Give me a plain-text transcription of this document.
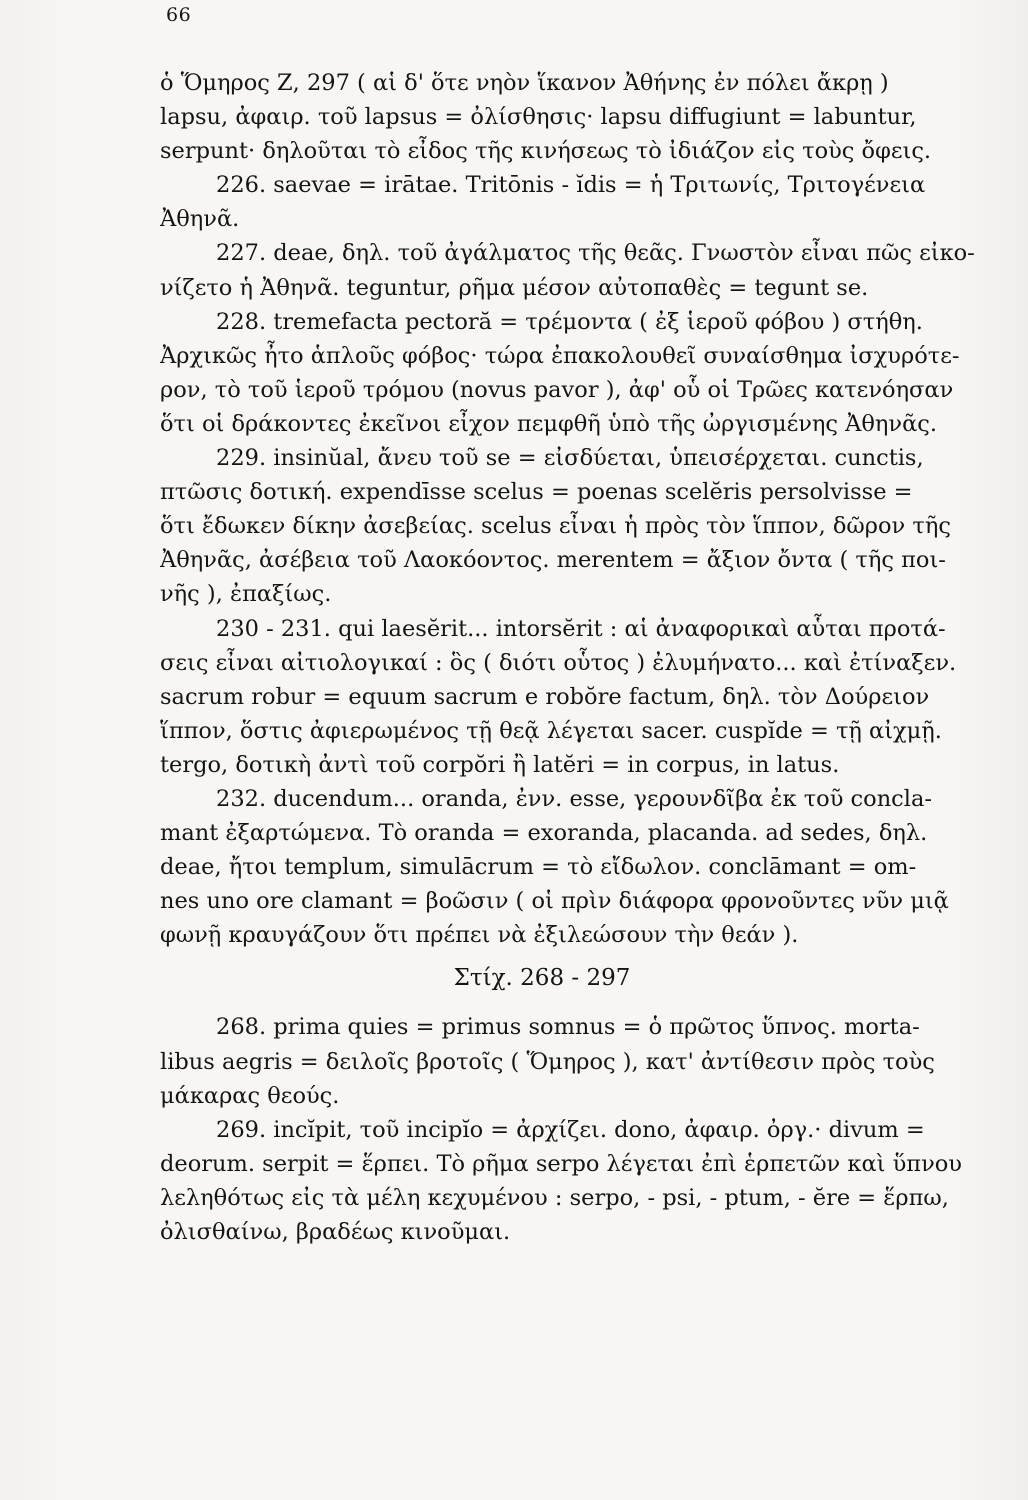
66
ὁ Ὅμηρος Ζ, 297 ( αἱ δ' ὅτε νηὸν ἵκανον Ἀθήνης ἐν πόλει ἄκρῃ )
lapsu, ἀφαιρ. τοῦ lapsus = ὀλίσθησις· lapsu diffugiunt = labuntur,
serpunt· δηλοῦται τὸ εἶδος τῆς κινήσεως τὸ ἰδιάζον εἰς τοὺς ὄφεις.
226. saevae = irātae. Tritōnis - ĭdis = ἡ Τριτωνίς, Τριτογένεια
Ἀθηνᾶ.
227. deae, δηλ. τοῦ ἀγάλματος τῆς θεᾶς. Γνωστὸν εἶναι πῶς εἰκο-
νίζετο ἡ Ἀθηνᾶ. teguntur, ρῆμα μέσον αὐτοπαθὲς = tegunt se.
228. tremefacta pectoră = τρέμοντα ( ἐξ ἱεροῦ φόβου ) στήθη.
Ἀρχικῶς ἦτο ἁπλοῦς φόβος· τώρα ἐπακολουθεῖ συναίσθημα ἰσχυρότε-
ρον, τὸ τοῦ ἱεροῦ τρόμου (novus pavor ), ἀφ' οὗ οἱ Τρῶες κατενόησαν
ὅτι οἱ δράκοντες ἐκεῖνοι εἶχον πεμφθῆ ὑπὸ τῆς ὠργισμένης Ἀθηνᾶς.
229. insinŭal, ἄνευ τοῦ se = εἰσδύεται, ὑπεισέρχεται. cunctis,
πτῶσις δοτική. expendīsse scelus = poenas scelĕris persolvisse =
ὅτι ἔδωκεν δίκην ἀσεβείας. scelus εἶναι ἡ πρὸς τὸν ἵππον, δῶρον τῆς
Ἀθηνᾶς, ἀσέβεια τοῦ Λαοκόοντος. merentem = ἄξιον ὄντα ( τῆς ποι-
νῆς ), ἐπαξίως.
230 - 231. qui laesĕrit... intorsĕrit : αἱ ἀναφορικαὶ αὗται προτά-
σεις εἶναι αἰτιολογικαί : ὃς ( διότι οὗτος ) ἐλυμήνατο... καὶ ἐτίναξεν.
sacrum robur = equum sacrum e robŏre factum, δηλ. τὸν Δούρειον
ἵππον, ὅστις ἀφιερωμένος τῇ θεᾷ λέγεται sacer. cuspĭde = τῇ αἰχμῇ.
tergo, δοτικὴ ἀντὶ τοῦ corpŏri ἢ latĕri = in corpus, in latus.
232. ducendum... oranda, ἐνν. esse, γερουνδῖβα ἐκ τοῦ concla-
mant ἐξαρτώμενα. Τὸ oranda = exoranda, placanda. ad sedes, δηλ.
deae, ἤτοι templum, simulācrum = τὸ εἴδωλον. conclāmant = om-
nes uno ore clamant = βοῶσιν ( οἱ πρὶν διάφορα φρονοῦντες νῦν μιᾷ
φωνῇ κραυγάζουν ὅτι πρέπει νὰ ἐξιλεώσουν τὴν θεάν ).
Στίχ. 268 - 297
268. prima quies = primus somnus = ὁ πρῶτος ὕπνος. morta-
libus aegris = δειλοῖς βροτοῖς ( Ὅμηρος ), κατ' ἀντίθεσιν πρὸς τοὺς
μάκαρας θεούς.
269. incĭpit, τοῦ incipĭo = ἀρχίζει. dono, ἀφαιρ. ὀργ.· divum =
deorum. serpit = ἕρπει. Τὸ ρῆμα serpo λέγεται ἐπὶ ἑρπετῶν καὶ ὕπνου
λεληθότως εἰς τὰ μέλη κεχυμένου : serpo, - psi, - ptum, - ĕre = ἕρπω,
ὀλισθαίνω, βραδέως κινοῦμαι.
